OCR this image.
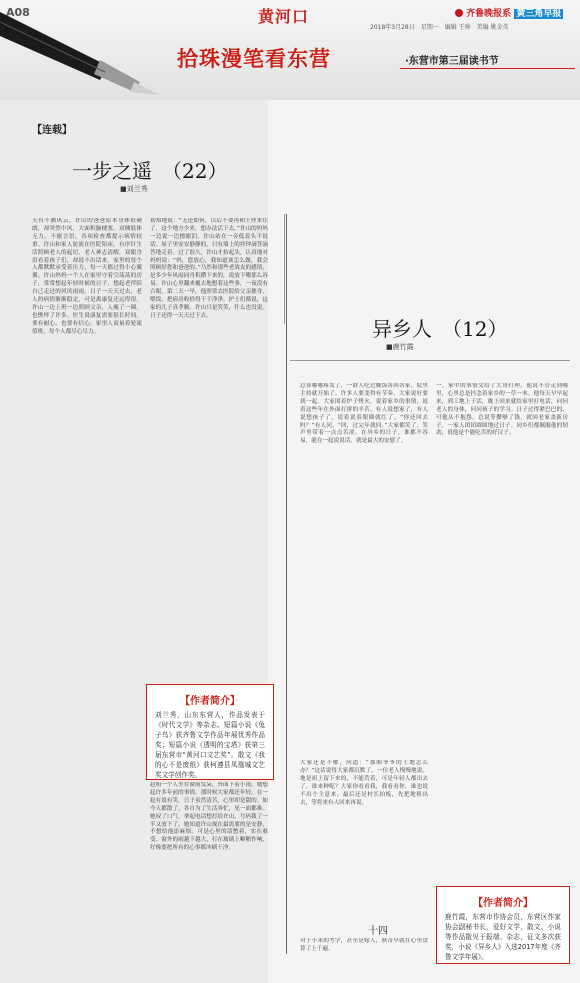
A08	黄河口	齐鲁晚报系 黄三角早报
2018年3月28日　星期一　编辑 王帅　美编 姚金英
拾珠漫笔看东营	·东营市第三届读书节
【连载】
一步之遥　（22）
■刘兰秀
天有不测风云，许山的爸爸原本身体很硬朗，却突然中风，大面积脑梗塞，双侧肢体无力，不能言语，各项检查都提示病情较重。许山和家人轮流在医院陪床，有序针生活照顾老人的起居，老人神志清醒，双眼含泪看着孩子们，却说不出话来。家里的每个人都默默承受着压力，每一天都过得小心翼翼。许山妈妈一个人在家里守着空荡荡的房子，常常想起年轻时候的日子，想起老伴陪自己走过的风风雨雨。日子一天天过去，老人的病情渐渐稳定，可是离康复还远得很。许山一边上班一边照顾父亲，人瘦了一圈，也憔悴了许多。医生说康复需要很长时间，要有耐心，也要有信心。家里人商量着轮流值班，每个人都尽心尽力。
初知地说：“无论如何，以后不要再和王仲来往了，这个地方少来，想办法活下去。”许山的妈妈一边说一边擦眼泪，许山站在一旁低着头不说话。屋子里安安静静的，只有墙上的挂钟滴答滴答地走着。过了很久，许山才抬起头，认真地对妈妈说：“妈，您放心，我知道该怎么做，我会照顾好您和爸爸的。”乃然和那些老战友的感情，是多少年风雨同舟积攒下来的，说放下哪那么容易。许山心里翻来覆去地想着这些事，一夜没有合眼。第二天一早，他照常去医院给父亲擦身、喂饭，把病房收拾得干干净净。护士们都说，这家的儿子真孝顺。许山只是笑笑，什么也没说。日子还得一天天过下去。
赵姐一个人坐在窗前发呆，外面下着小雨，她想起许多年前的事情。那时候大家都还年轻，在一起有说有笑，日子虽然清苦，心里却是甜的。如今人都散了，各自为了生活奔忙，见一面都难。她叹了口气，拿起电话想打给许山，号码拨了一半又放下了。她知道许山现在最需要的是安静，不想给他添麻烦。可是心里的话憋着，实在难受。窗外的雨越下越大，打在玻璃上噼啪作响，好像要把所有的心事都冲刷干净。
【作者简介】
刘兰秀，山东东营人，作品发表于《时代文学》等杂志。短篇小说《兔子鸟》获齐鲁文学作品年展优秀作品奖；短篇小说《透明的宝塔》获第三届东营市“黄河口文艺奖”。散文《我的心不是废纸》获柯遵县凤凰城文艺奖文学创作奖。
异乡人　（12）
■鹿竹霞
总算哪哪疼发了，一群人吃过晚饭各回各家。院里主持就开始了。许多人要变得有节奏，大家说好要到一起。大家围着炉子烤火，说着家乡的事情，说着这些年在外面打拼的辛苦。有人说想家了，有人说想孩子了，说着说着眼圈就红了。“你还回去吗？”有人问。“回，过完年就回。”大家都笑了，笑声里带着一点点苦涩。在异乡的日子，谁都不容易，能在一起说说话，就是最大的安慰了。
大家还是不解，问道：“那咱爷爷的土地怎么办？”这话说得大家都沉默了。一位老人慢慢地说，地是祖上留下来的，不能荒着，可是年轻人都出去了，谁来种呢？大家你看看我，我看看你，谁也说不出个主意来。最后还是村长拍板，先把地租出去，等将来有人回来再说。
十四
对于小米的考学，甚至是嫁人，秋奇早就在心里盘算了上千遍。
一，家中的事情交给了大哥打理。他说不管走到哪里，心里总是挂念着家乡的一草一木。他每天早早起来，到工地上干活，晚上回来就给家里打电话，问问老人的身体，问问孩子的学习。日子过得紧巴巴的，可他从不抱怨，总说等攒够了钱，就回老家盖新房子，一家人团团圆圆地过日子。同乡们都佩服他的韧劲，说他是个能吃苦的好汉子。
【作者简介】
鹿竹霞，东营市作协会员，东营区作家协会副秘书长，爱好文学，散文、小说等作品散见于报端、杂志，征文多次获奖，小说《异乡人》入选2017年度《齐鲁文学年展》。
